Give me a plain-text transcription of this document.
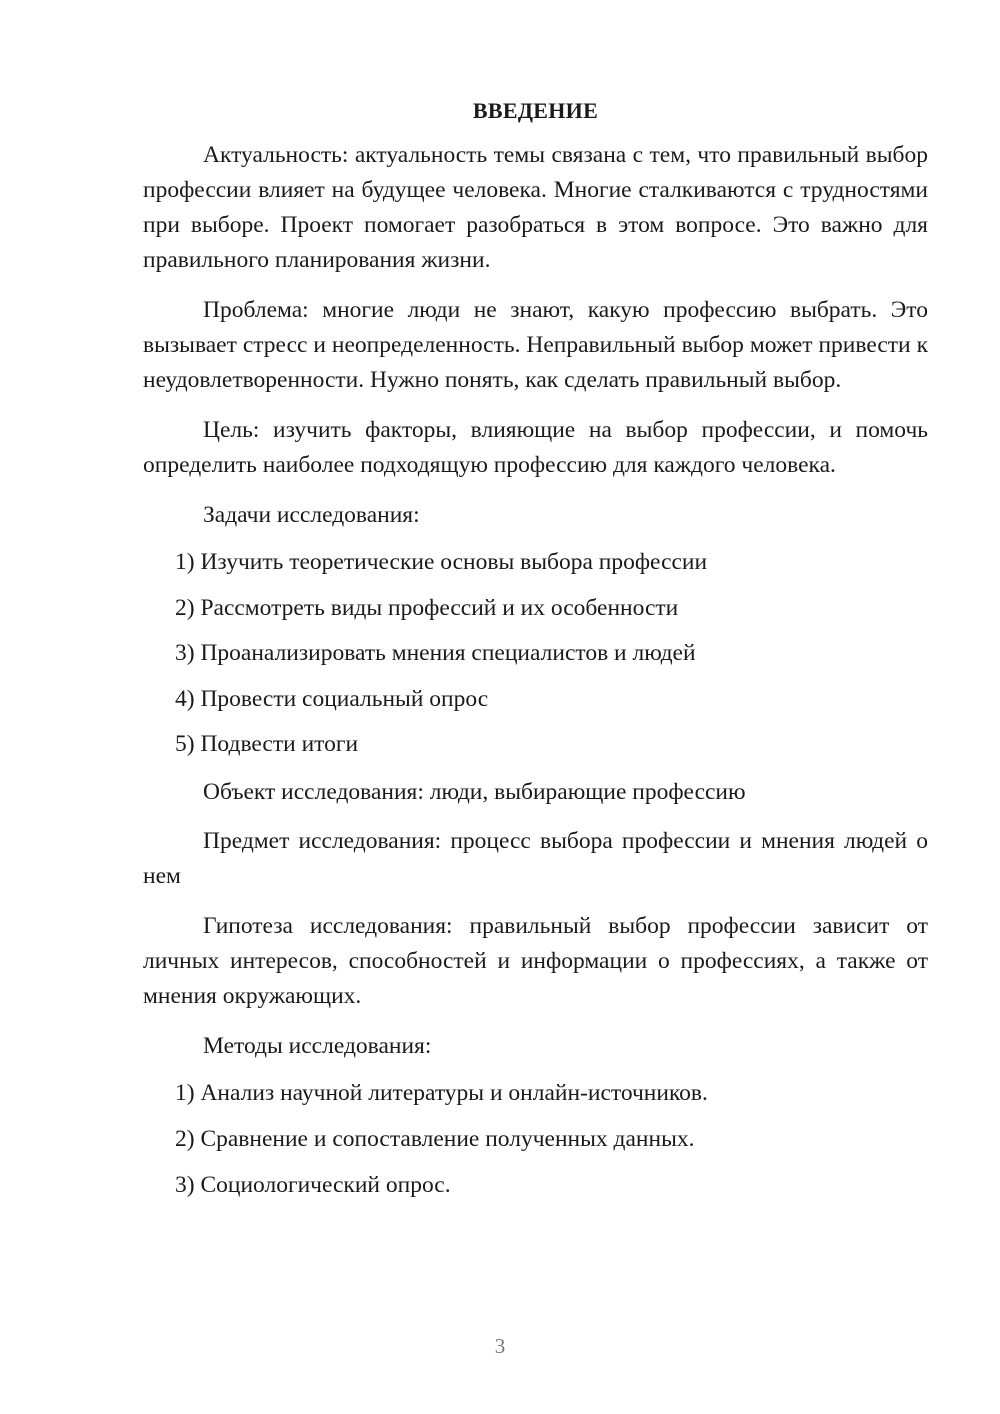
ВВЕДЕНИЕ

Актуальность: актуальность темы связана с тем, что правильный выбор профессии влияет на будущее человека. Многие сталкиваются с трудностями при выборе. Проект помогает разобраться в этом вопросе. Это важно для правильного планирования жизни.

Проблема: многие люди не знают, какую профессию выбрать. Это вызывает стресс и неопределенность. Неправильный выбор может привести к неудовлетворенности. Нужно понять, как сделать правильный выбор.

Цель: изучить факторы, влияющие на выбор профессии, и помочь определить наиболее подходящую профессию для каждого человека.

Задачи исследования:

1) Изучить теоретические основы выбора профессии
2) Рассмотреть виды профессий и их особенности
3) Проанализировать мнения специалистов и людей
4) Провести социальный опрос
5) Подвести итоги

Объект исследования: люди, выбирающие профессию

Предмет исследования: процесс выбора профессии и мнения людей о нем

Гипотеза исследования: правильный выбор профессии зависит от личных интересов, способностей и информации о профессиях, а также от мнения окружающих.

Методы исследования:

1) Анализ научной литературы и онлайн-источников.
2) Сравнение и сопоставление полученных данных.
3) Социологический опрос.
3
